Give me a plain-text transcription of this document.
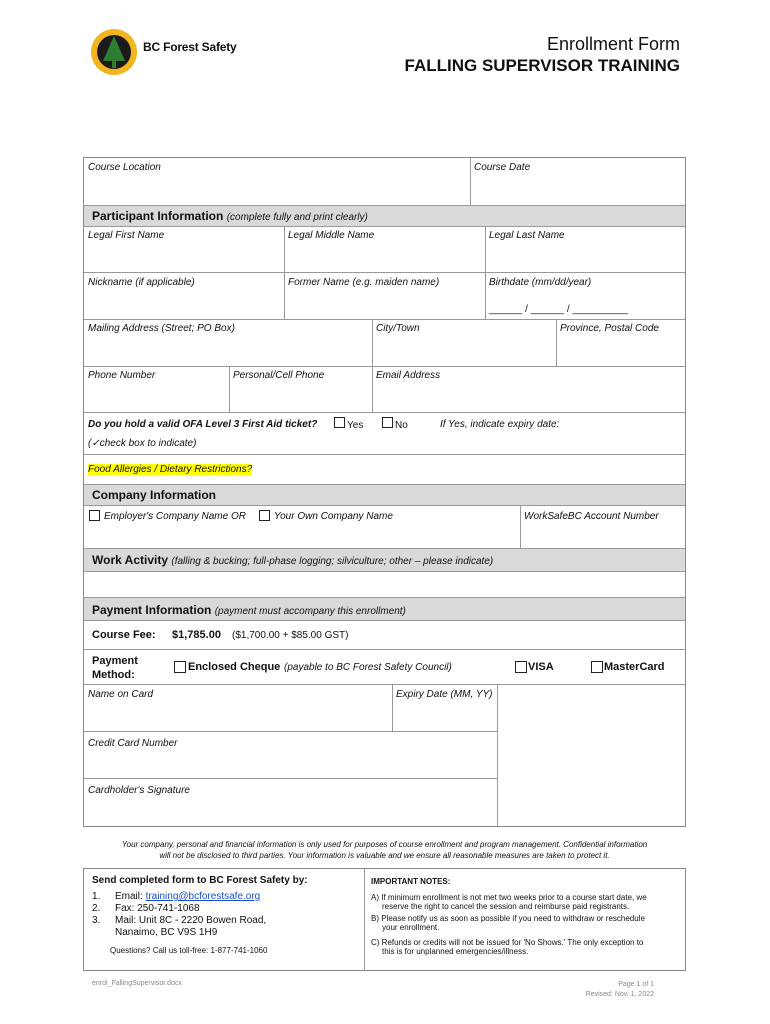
BC Forest Safety	Enrollment Form
FALLING SUPERVISOR TRAINING
Course Location	Course Date
Participant Information (complete fully and print clearly)
Legal First Name	Legal Middle Name	Legal Last Name
Nickname (if applicable)	Former Name (e.g. maiden name)	Birthdate (mm/dd/year)
______ / ______ / __________
Mailing Address (Street; PO Box)	City/Town	Province, Postal Code
Phone Number	Personal/Cell Phone	Email Address
Do you hold a valid OFA Level 3 First Aid ticket?	Yes	No	If Yes, indicate expiry date:
(✓check box to indicate)
Food Allergies / Dietary Restrictions?
Company Information
Employer's Company Name OR	Your Own Company Name	WorkSafeBC Account Number
Work Activity (falling & bucking; full-phase logging; silviculture; other – please indicate)
Payment Information (payment must accompany this enrollment)
Course Fee: $1,785.00 ($1,700.00 + $85.00 GST)
Payment
Method:
Enclosed Cheque (payable to BC Forest Safety Council)	VISA	MasterCard
Name on Card	Expiry Date (MM, YY)
Credit Card Number
Cardholder's Signature
Your company, personal and financial information is only used for purposes of course enrollment and program management. Confidential information
will not be disclosed to third parties. Your information is valuable and we ensure all reasonable measures are taken to protect it.
Send completed form to BC Forest Safety by:
1. Email: training@bcforestsafe.org
2. Fax: 250-741-1068
3. Mail: Unit 8C - 2220 Bowen Road,
Nanaimo, BC V9S 1H9
Questions? Call us toll-free: 1-877-741-1060
IMPORTANT NOTES:
A) If minimum enrollment is not met two weeks prior to a course start date, we
reserve the right to cancel the session and reimburse paid registrants.
B) Please notify us as soon as possible if you need to withdraw or reschedule
your enrollment.
C) Refunds or credits will not be issued for 'No Shows.' The only exception to
this is for unplanned emergencies/illness.
enrol_FallingSupervisor.docx	Page 1 of 1
Revised: Nov. 1, 2022
